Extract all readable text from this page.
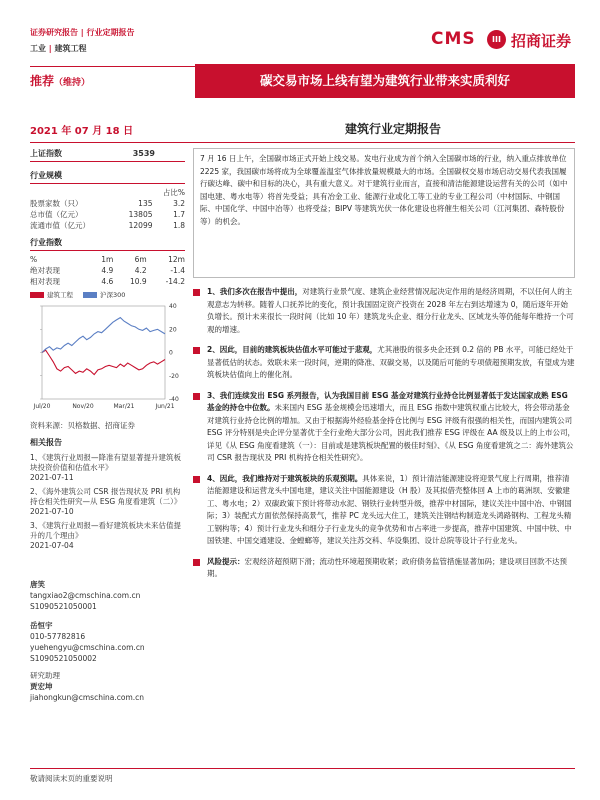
证券研究报告 | 行业定期报告
工业 | 建筑工程	CMS	III 招商证券
推荐（维持）	碳交易市场上线有望为建筑行业带来实质利好
2021 年 07 月 18 日	建筑行业定期报告
上证指数	3539
行业规模
占比%
股票家数（只）	135	3.2
总市值（亿元）	13805	1.7
流通市值（亿元）	12099	1.8
行业指数
%	1m	6m	12m
绝对表现	4.9	4.2	-1.4
相对表现	4.6	10.9	-14.2
建筑工程	沪深300
40
20
0
-20
-40
Jul/20	Nov/20	Mar/21	Jun/21
资料来源：贝格数据、招商证券
相关报告
1、《建筑行业周报—降准有望显著提升建筑板块投资价值和估值水平》
2021-07-11
2、《海外建筑公司 CSR 报告现状及 PRI 机构持仓相关性研究—从 ESG 角度看建筑（二）》
2021-07-10
3、《建筑行业周报—看好建筑板块未来估值提升的几个理由》
2021-07-04
唐笑
tangxiao2@cmschina.com.cn
S1090521050001
岳恒宇
010-57782816
yuehengyu@cmschina.com.cn
S1090521050002
研究助理
贾宏坤
jiahongkun@cmschina.com.cn
7 月 16 日上午，全国碳市场正式开始上线交易。发电行业成为首个纳入全国碳市场的行业，纳入重点排放单位 2225 家，我国碳市场将成为全球覆盖温室气体排放量规模最大的市场。全国碳权交易市场启动交易代表我国履行碳达峰、碳中和目标的决心，具有重大意义。对于建筑行业而言，直接和清洁能源建设运营有关的公司（如中国电建、粤水电等）将首先受益；具有冶金工业、能源行业或化工等工业的专业工程公司（中材国际、中钢国际、中国化学、中国中冶等）也将受益；BIPV 等建筑光伏一体化建设也将催生相关公司（江河集团、森特股份等）的机会。
1、我们多次在报告中提出，对建筑行业景气度、建筑企业经营情况起决定作用的是经济周期，不以任何人的主观意志为转移。随着人口抚养比的变化，预计我国固定资产投资在 2028 年左右到达增速为 0，随后逐年开始负增长。预计未来很长一段时间（比如 10 年）建筑龙头企业、细分行业龙头、区域龙头等仍能每年维持一个可观的增速。
2、因此，目前的建筑板块估值水平可能过于悲观，尤其港股的很多央企还到 0.2 倍的 PB 水平，可能已经处于显著低估的状态。效联未来一段时间，逆期的降准、双碳交易，以及随后可能的专项债超预期发放，有望成为建筑板块估值向上的催化剂。
3、我们连续发出 ESG 系列报告，认为我国目前 ESG 基金对建筑行业持仓比例显著低于发达国家成熟 ESG 基金的持仓中位数。未来国内 ESG 基金规模会迅速增大，而且 ESG 指数中建筑权重占比较大，将会带动基金对建筑行业持仓比例的增加。又由于根据海外经验基金持仓比例与 ESG 评级有很强的相关性，而国内建筑公司 ESG 评分特别是央企评分显著优于全行业绝大部分公司，因此我们推荐 ESG 评级在 AA 级及以上的上市公司，详见《从 ESG 角度看建筑（一）：目前或是建筑板块配置的极佳时刻》、《从 ESG 角度看建筑之二：海外建筑公司 CSR 报告现状及 PRI 机构持仓相关性研究》。
4、因此，我们维持对于建筑板块的乐观预期。具体来说，1）预计清洁能源建设将迎景气度上行周期，推荐清洁能源建设和运营龙头中国电建，建议关注中国能源建设（H 股）及其拟借壳整体回 A 上市的葛洲坝、安徽建工、粤水电；2）双碳政策下预计将带动水泥、钢铁行业转型升级，推荐中材国际，建议关注中国中冶、中钢国际；3）装配式方面依然保持高景气，推荐 PC 龙头远大住工，建筑关注钢结构制造龙头鸿路钢构、工程龙头精工钢构等；4）预计行业龙头和细分子行业龙头的竞争优势和市占率进一步提高，推荐中国建筑、中国中铁、中国铁建、中国交通建设、金螳螂等，建议关注苏交科、华设集团、设计总院等设计子行业龙头。
风险提示：宏观经济超预期下滑；流动性环境超预期收紧；政府债务监管措施显著加码；建设项目回款不达预期。
敬请阅读末页的重要说明
